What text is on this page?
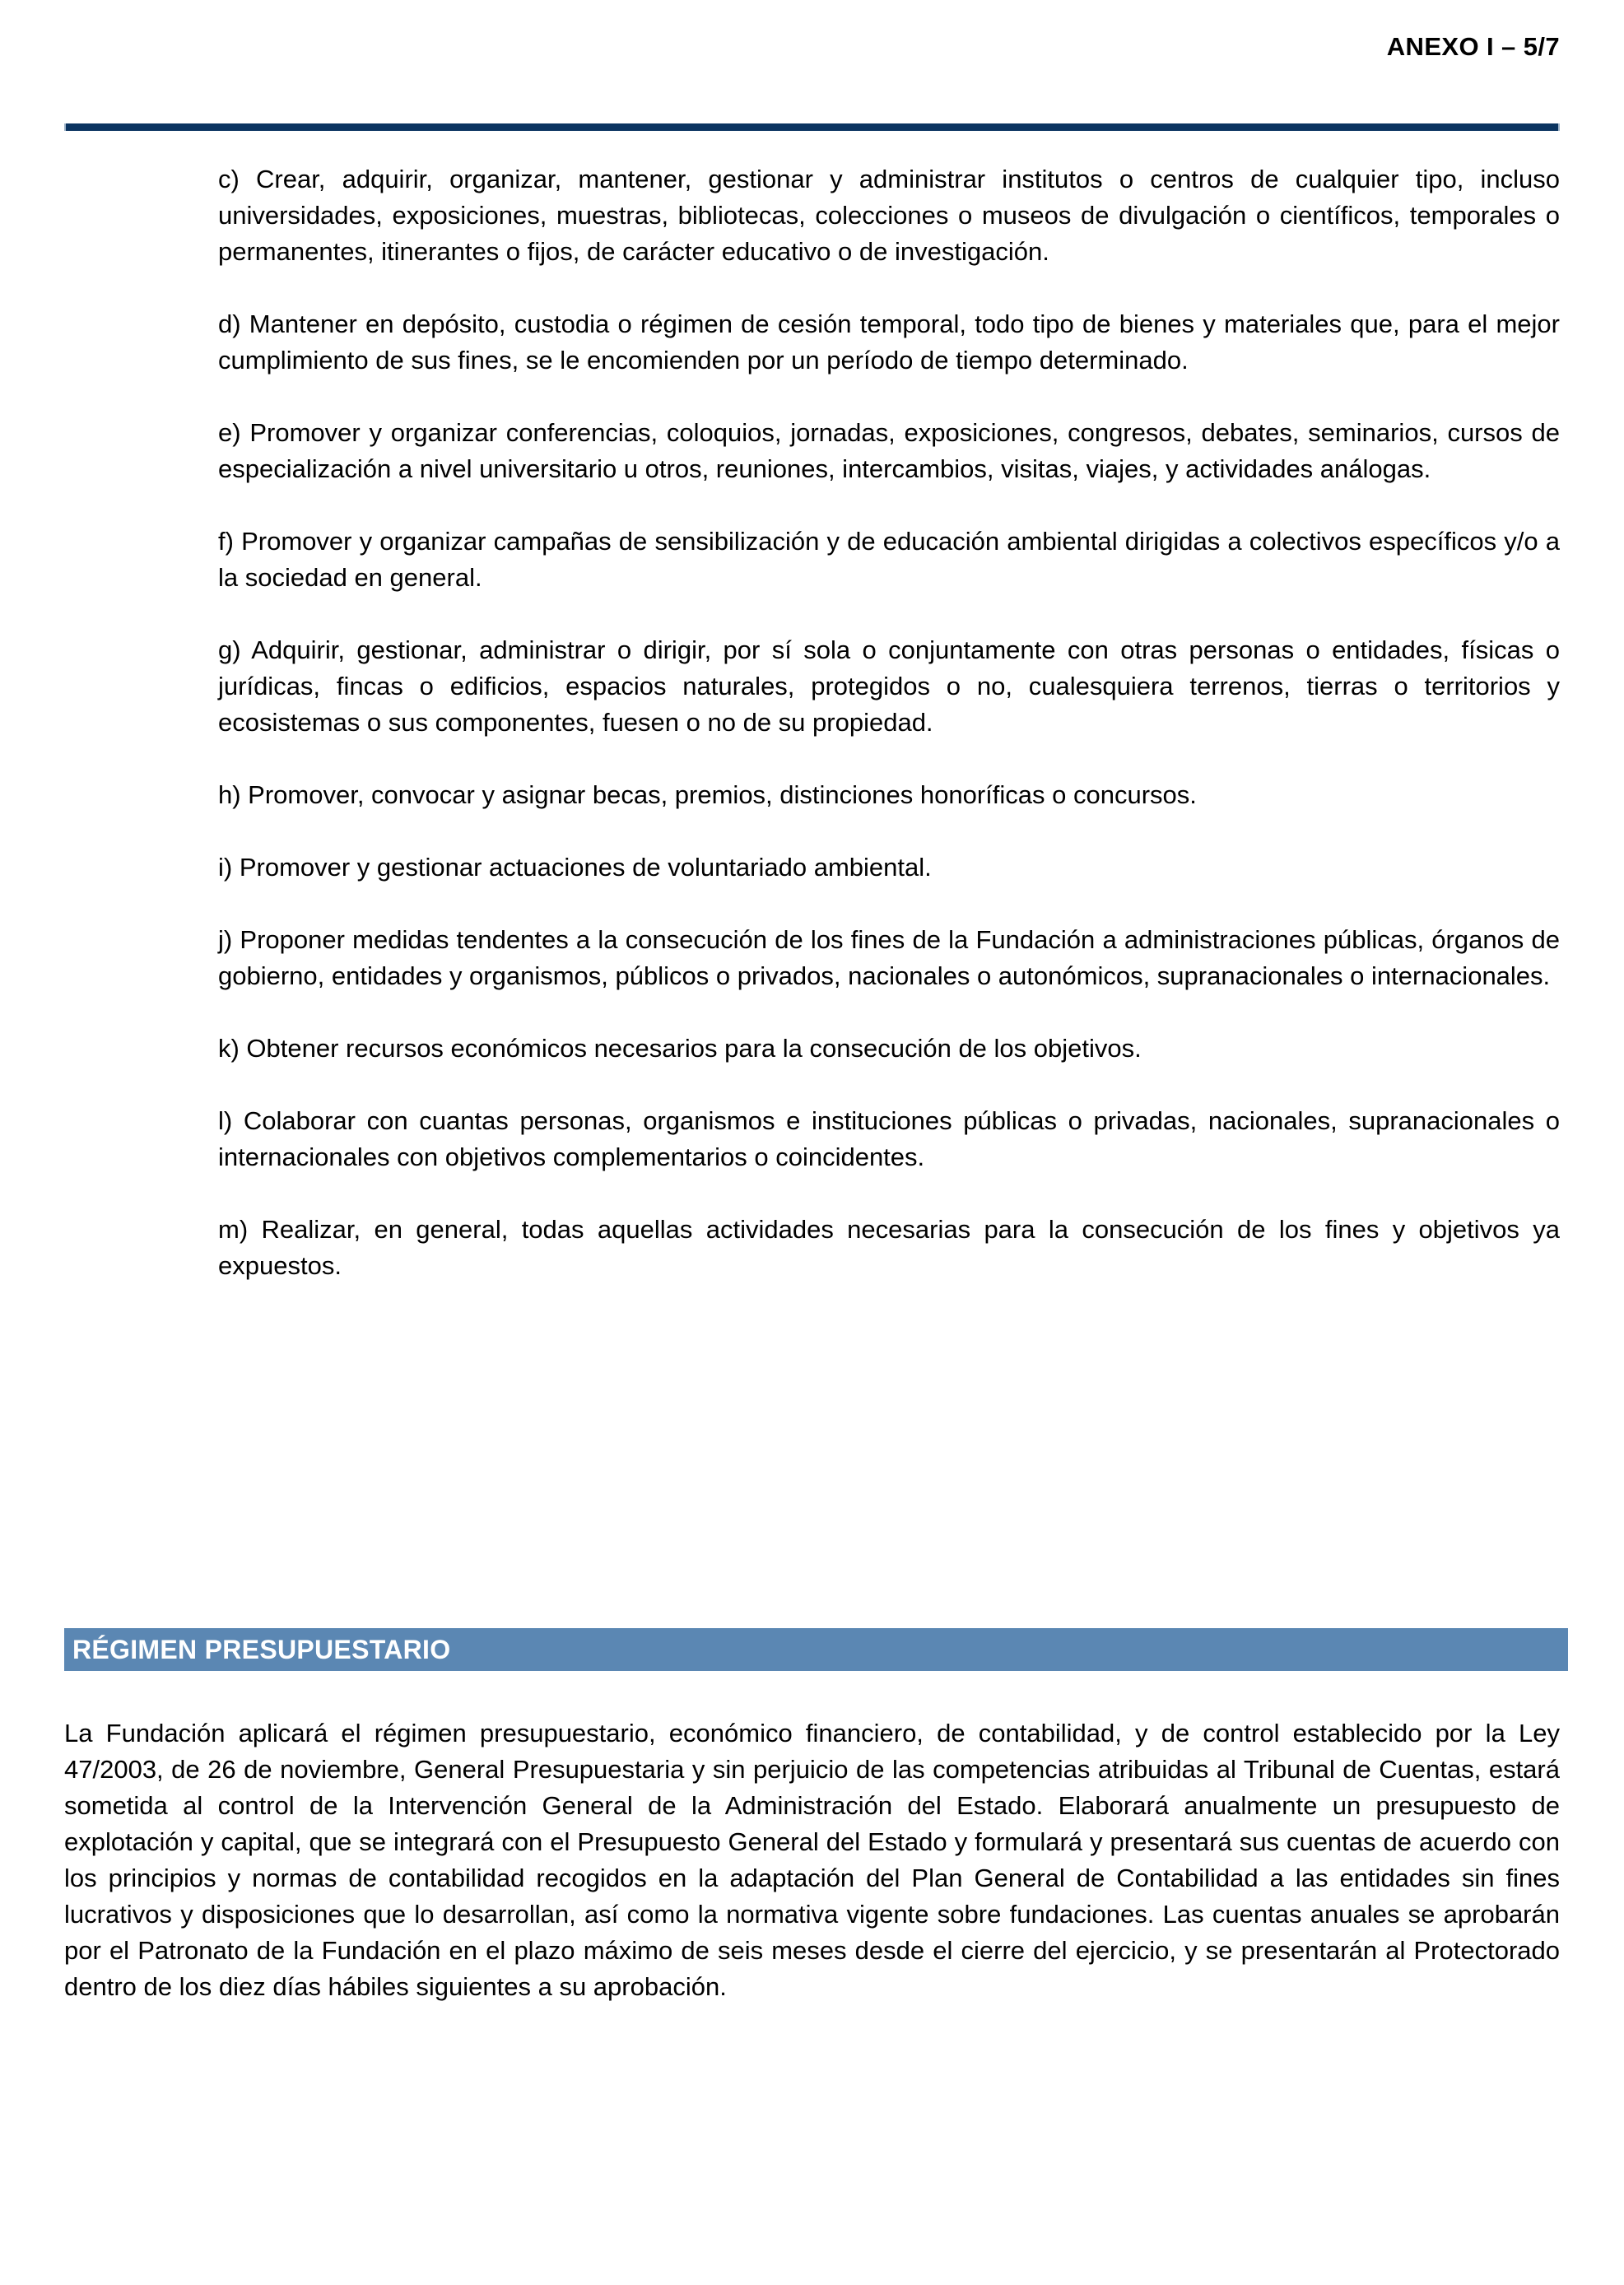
ANEXO I – 5/7

c) Crear, adquirir, organizar, mantener, gestionar y administrar institutos o centros de cualquier tipo, incluso universidades, exposiciones, muestras, bibliotecas, colecciones o museos de divulgación o científicos, temporales o permanentes, itinerantes o fijos, de carácter educativo o de investigación.

d) Mantener en depósito, custodia o régimen de cesión temporal, todo tipo de bienes y materiales que, para el mejor cumplimiento de sus fines, se le encomienden por un período de tiempo determinado.

e) Promover y organizar conferencias, coloquios, jornadas, exposiciones, congresos, debates, seminarios, cursos de especialización a nivel universitario u otros, reuniones, intercambios, visitas, viajes, y actividades análogas.

f) Promover y organizar campañas de sensibilización y de educación ambiental dirigidas a colectivos específicos y/o a la sociedad en general.

g) Adquirir, gestionar, administrar o dirigir, por sí sola o conjuntamente con otras personas o entidades, físicas o jurídicas, fincas o edificios, espacios naturales, protegidos o no, cualesquiera terrenos, tierras o territorios y ecosistemas o sus componentes, fuesen o no de su propiedad.

h) Promover, convocar y asignar becas, premios, distinciones honoríficas o concursos.

i) Promover y gestionar actuaciones de voluntariado ambiental.

j) Proponer medidas tendentes a la consecución de los fines de la Fundación a administraciones públicas, órganos de gobierno, entidades y organismos, públicos o privados, nacionales o autonómicos, supranacionales o internacionales.

k) Obtener recursos económicos necesarios para la consecución de los objetivos.

l) Colaborar con cuantas personas, organismos e instituciones públicas o privadas, nacionales, supranacionales o internacionales con objetivos complementarios o coincidentes.

m) Realizar, en general, todas aquellas actividades necesarias para la consecución de los fines y objetivos ya expuestos.

RÉGIMEN PRESUPUESTARIO

La Fundación aplicará el régimen presupuestario, económico financiero, de contabilidad, y de control establecido por la Ley 47/2003, de 26 de noviembre, General Presupuestaria y sin perjuicio de las competencias atribuidas al Tribunal de Cuentas, estará sometida al control de la Intervención General de la Administración del Estado. Elaborará anualmente un presupuesto de explotación y capital, que se integrará con el Presupuesto General del Estado y formulará y presentará sus cuentas de acuerdo con los principios y normas de contabilidad recogidos en la adaptación del Plan General de Contabilidad a las entidades sin fines lucrativos y disposiciones que lo desarrollan, así como la normativa vigente sobre fundaciones. Las cuentas anuales se aprobarán por el Patronato de la Fundación en el plazo máximo de seis meses desde el cierre del ejercicio, y se presentarán al Protectorado dentro de los diez días hábiles siguientes a su aprobación.
